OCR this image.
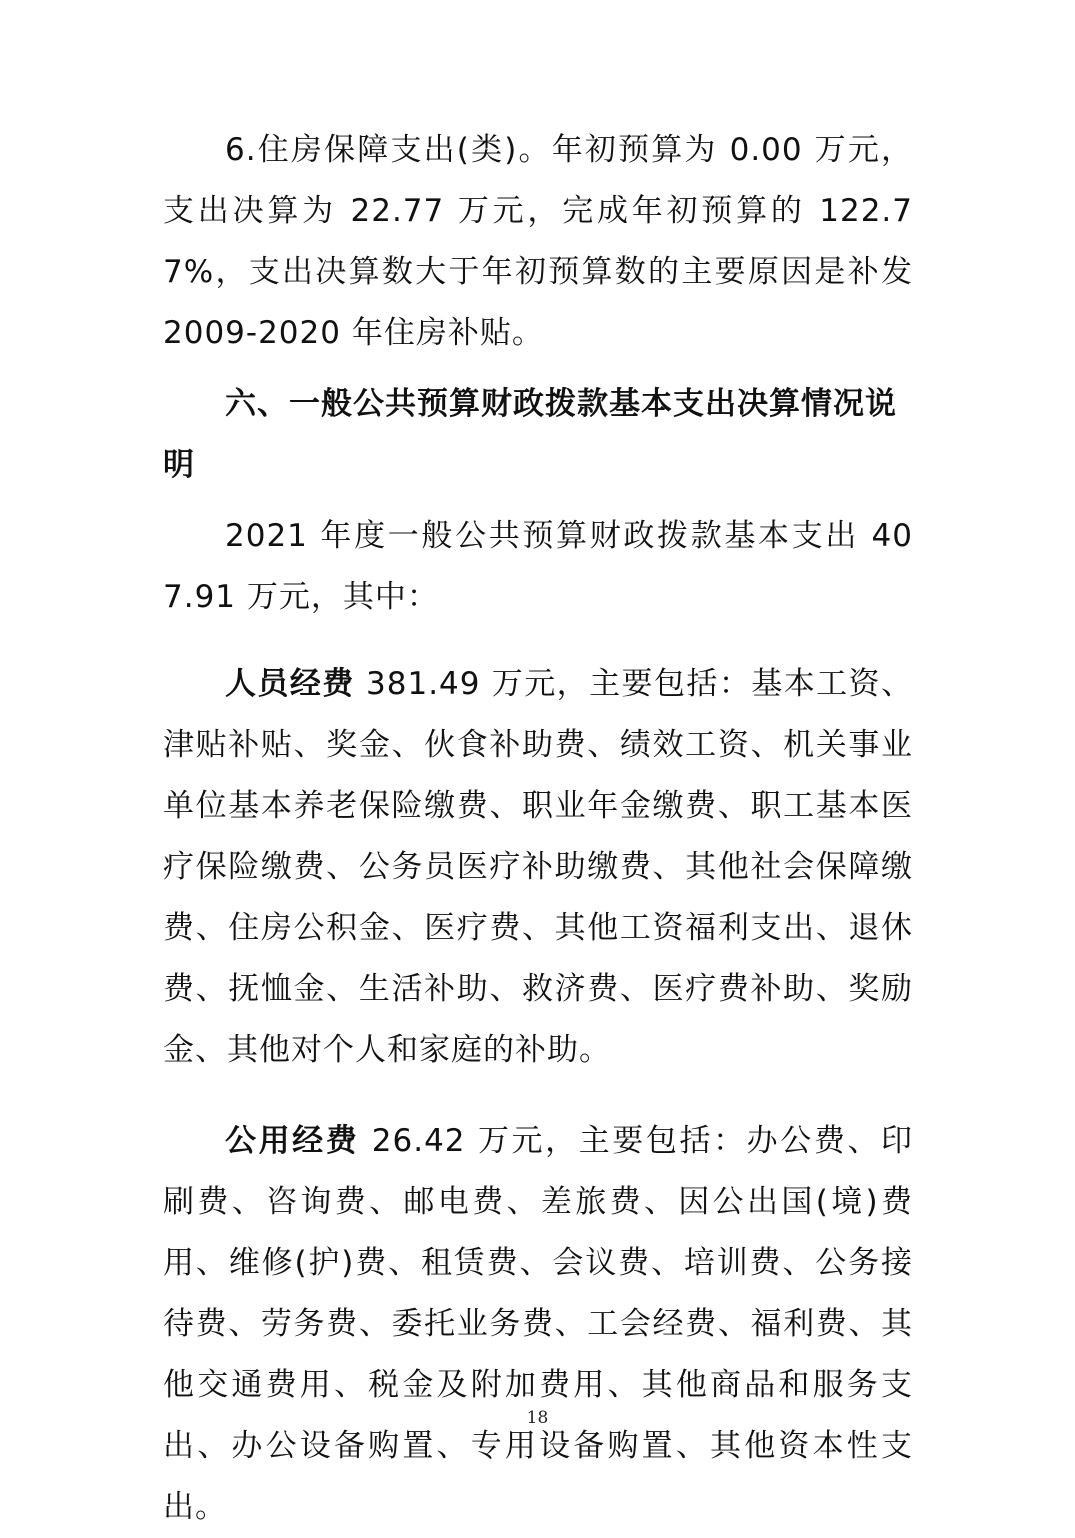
6.住房保障支出(类)。年初预算为 0.00 万元，支出决算为 22.77 万元，完成年初预算的 122.77%，支出决算数大于年初预算数的主要原因是补发 2009-2020 年住房补贴。

六、一般公共预算财政拨款基本支出决算情况说明

2021 年度一般公共预算财政拨款基本支出 407.91 万元，其中：

人员经费 381.49 万元，主要包括：基本工资、津贴补贴、奖金、伙食补助费、绩效工资、机关事业单位基本养老保险缴费、职业年金缴费、职工基本医疗保险缴费、公务员医疗补助缴费、其他社会保障缴费、住房公积金、医疗费、其他工资福利支出、退休费、抚恤金、生活补助、救济费、医疗费补助、奖励金、其他对个人和家庭的补助。

公用经费 26.42 万元，主要包括：办公费、印刷费、咨询费、邮电费、差旅费、因公出国(境)费用、维修(护)费、租赁费、会议费、培训费、公务接待费、劳务费、委托业务费、工会经费、福利费、其他交通费用、税金及附加费用、其他商品和服务支出、办公设备购置、专用设备购置、其他资本性支出。

18
